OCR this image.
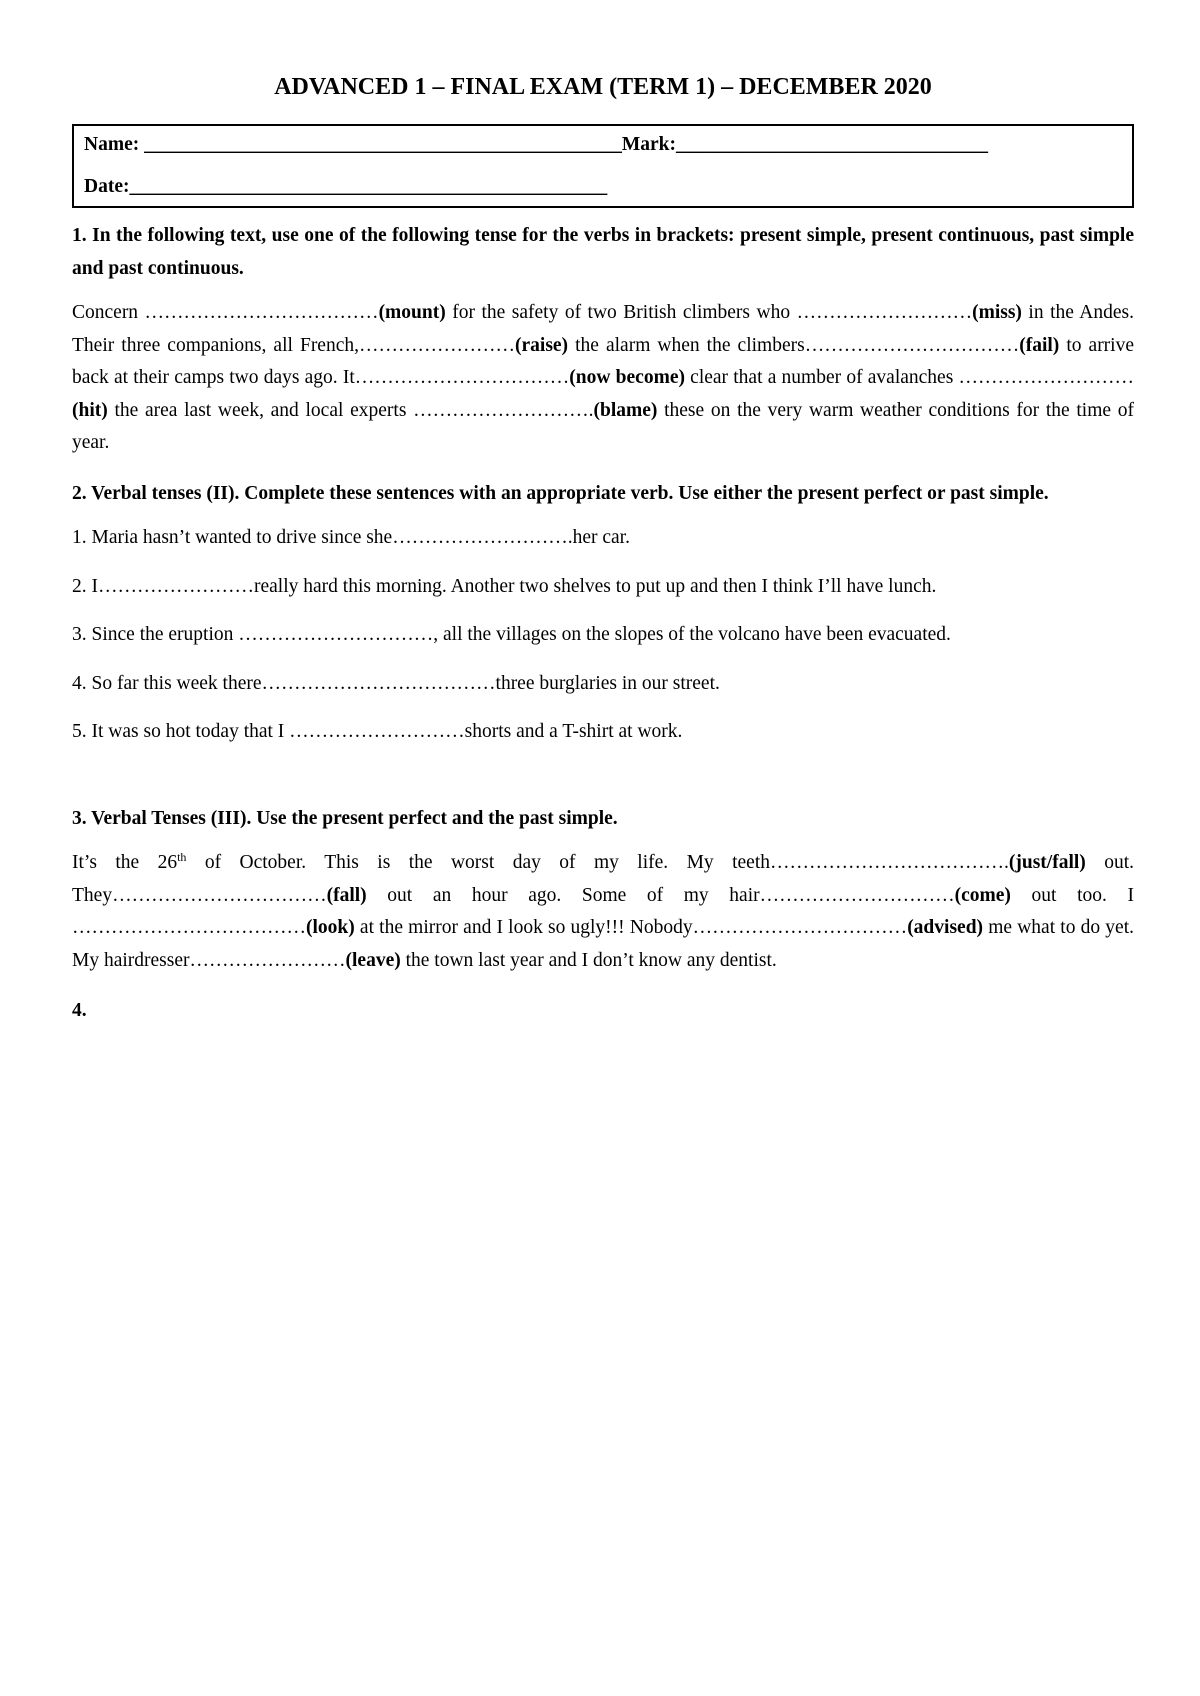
ADVANCED 1 – FINAL EXAM (TERM 1) – DECEMBER 2020
Name: _________________________________________________Mark:________________________________
Date:_________________________________________________
1. In the following text, use one of the following tense for the verbs in brackets: present simple, present continuous, past simple and past continuous.
Concern ………………………………(mount) for the safety of two British climbers who ………………………(miss) in the Andes. Their three companions, all French,……………………(raise) the alarm when the climbers……………………………(fail) to arrive back at their camps two days ago. It……………………………(now become) clear that a number of avalanches ………………………(hit) the area last week, and local experts ……………………….(blame) these on the very warm weather conditions for the time of year.
2. Verbal tenses (II). Complete these sentences with an appropriate verb. Use either the present perfect or past simple.
1. Maria hasn’t wanted to drive since she……………………….her car.
2. I……………………really hard this morning. Another two shelves to put up and then I think I’ll have lunch.
3. Since the eruption …………………………, all the villages on the slopes of the volcano have been evacuated.
4. So far this week there………………………………three burglaries in our street.
5. It was so hot today that I ………………………shorts and a T-shirt at work.
3. Verbal Tenses (III). Use the present perfect and the past simple.
It’s the 26th of October. This is the worst day of my life. My teeth……………………………….(just/fall) out. They……………………………(fall) out an hour ago. Some of my hair…………………………(come) out too. I ………………………………(look) at the mirror and I look so ugly!!! Nobody……………………………(advised) me what to do yet. My hairdresser……………………(leave) the town last year and I don’t know any dentist.
4.
